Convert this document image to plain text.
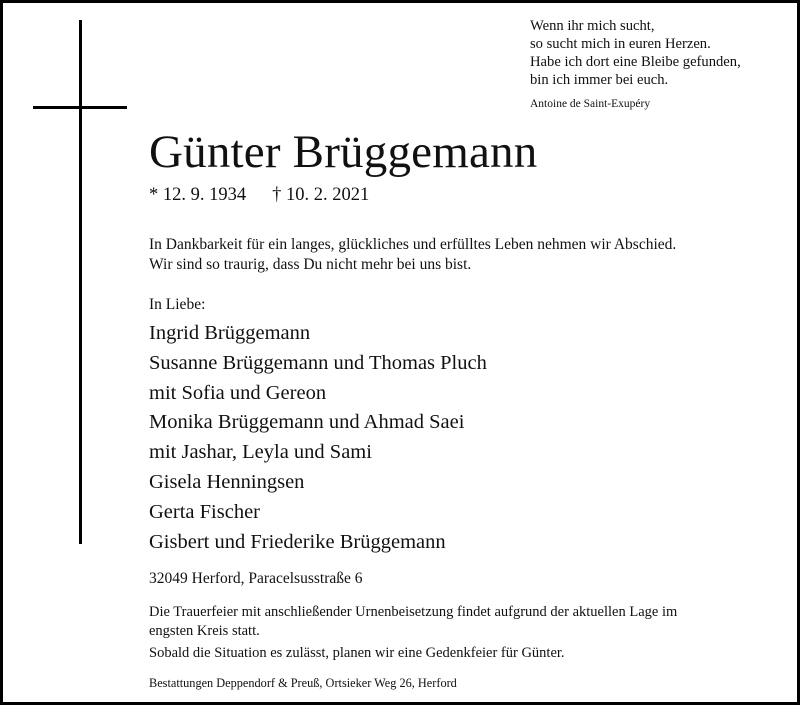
Wenn ihr mich sucht,
so sucht mich in euren Herzen.
Habe ich dort eine Bleibe gefunden,
bin ich immer bei euch.
Antoine de Saint-Exupéry
Günter Brüggemann
* 12. 9. 1934 † 10. 2. 2021
In Dankbarkeit für ein langes, glückliches und erfülltes Leben nehmen wir Abschied.
Wir sind so traurig, dass Du nicht mehr bei uns bist.
In Liebe:
Ingrid Brüggemann
Susanne Brüggemann und Thomas Pluch
mit Sofia und Gereon
Monika Brüggemann und Ahmad Saei
mit Jashar, Leyla und Sami
Gisela Henningsen
Gerta Fischer
Gisbert und Friederike Brüggemann
32049 Herford, Paracelsusstraße 6
Die Trauerfeier mit anschließender Urnenbeisetzung findet aufgrund der aktuellen Lage im
engsten Kreis statt.
Sobald die Situation es zulässt, planen wir eine Gedenkfeier für Günter.
Bestattungen Deppendorf & Preuß, Ortsieker Weg 26, Herford
